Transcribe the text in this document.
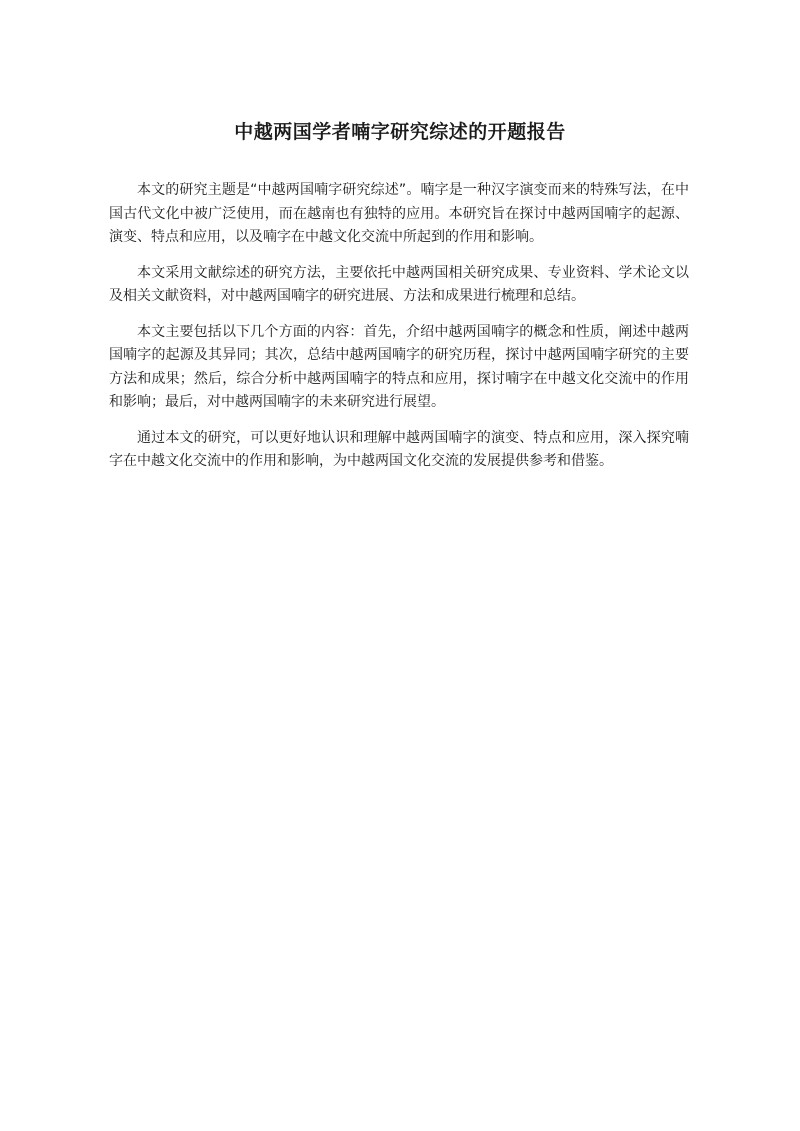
中越两国学者喃字研究综述的开题报告

本文的研究主题是“中越两国喃字研究综述”。喃字是一种汉字演变而来的特殊写法，在中国古代文化中被广泛使用，而在越南也有独特的应用。本研究旨在探讨中越两国喃字的起源、演变、特点和应用，以及喃字在中越文化交流中所起到的作用和影响。

本文采用文献综述的研究方法，主要依托中越两国相关研究成果、专业资料、学术论文以及相关文献资料，对中越两国喃字的研究进展、方法和成果进行梳理和总结。

本文主要包括以下几个方面的内容：首先，介绍中越两国喃字的概念和性质，阐述中越两国喃字的起源及其异同；其次，总结中越两国喃字的研究历程，探讨中越两国喃字研究的主要方法和成果；然后，综合分析中越两国喃字的特点和应用，探讨喃字在中越文化交流中的作用和影响；最后，对中越两国喃字的未来研究进行展望。

通过本文的研究，可以更好地认识和理解中越两国喃字的演变、特点和应用，深入探究喃字在中越文化交流中的作用和影响，为中越两国文化交流的发展提供参考和借鉴。
